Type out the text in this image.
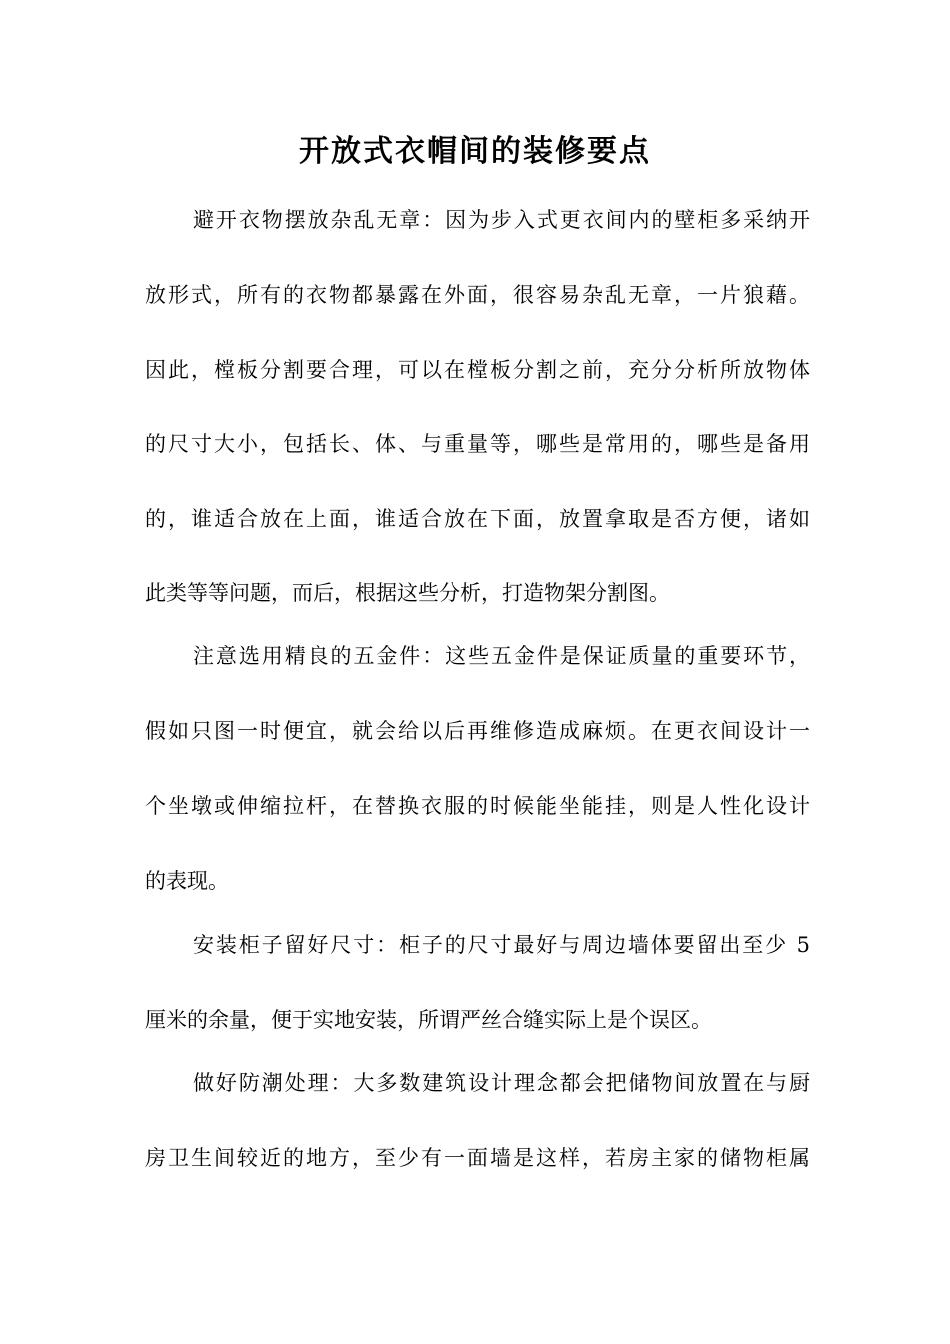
开放式衣帽间的装修要点

避开衣物摆放杂乱无章：因为步入式更衣间内的壁柜多采纳开

放形式，所有的衣物都暴露在外面，很容易杂乱无章，一片狼藉。

因此，樘板分割要合理，可以在樘板分割之前，充分分析所放物体

的尺寸大小，包括长、体、与重量等，哪些是常用的，哪些是备用

的，谁适合放在上面，谁适合放在下面，放置拿取是否方便，诸如

此类等等问题，而后，根据这些分析，打造物架分割图。

注意选用精良的五金件：这些五金件是保证质量的重要环节，

假如只图一时便宜，就会给以后再维修造成麻烦。在更衣间设计一

个坐墩或伸缩拉杆，在替换衣服的时候能坐能挂，则是人性化设计

的表现。

安装柜子留好尺寸：柜子的尺寸最好与周边墙体要留出至少 5

厘米的余量，便于实地安装，所谓严丝合缝实际上是个误区。

做好防潮处理：大多数建筑设计理念都会把储物间放置在与厨

房卫生间较近的地方，至少有一面墙是这样，若房主家的储物柜属
